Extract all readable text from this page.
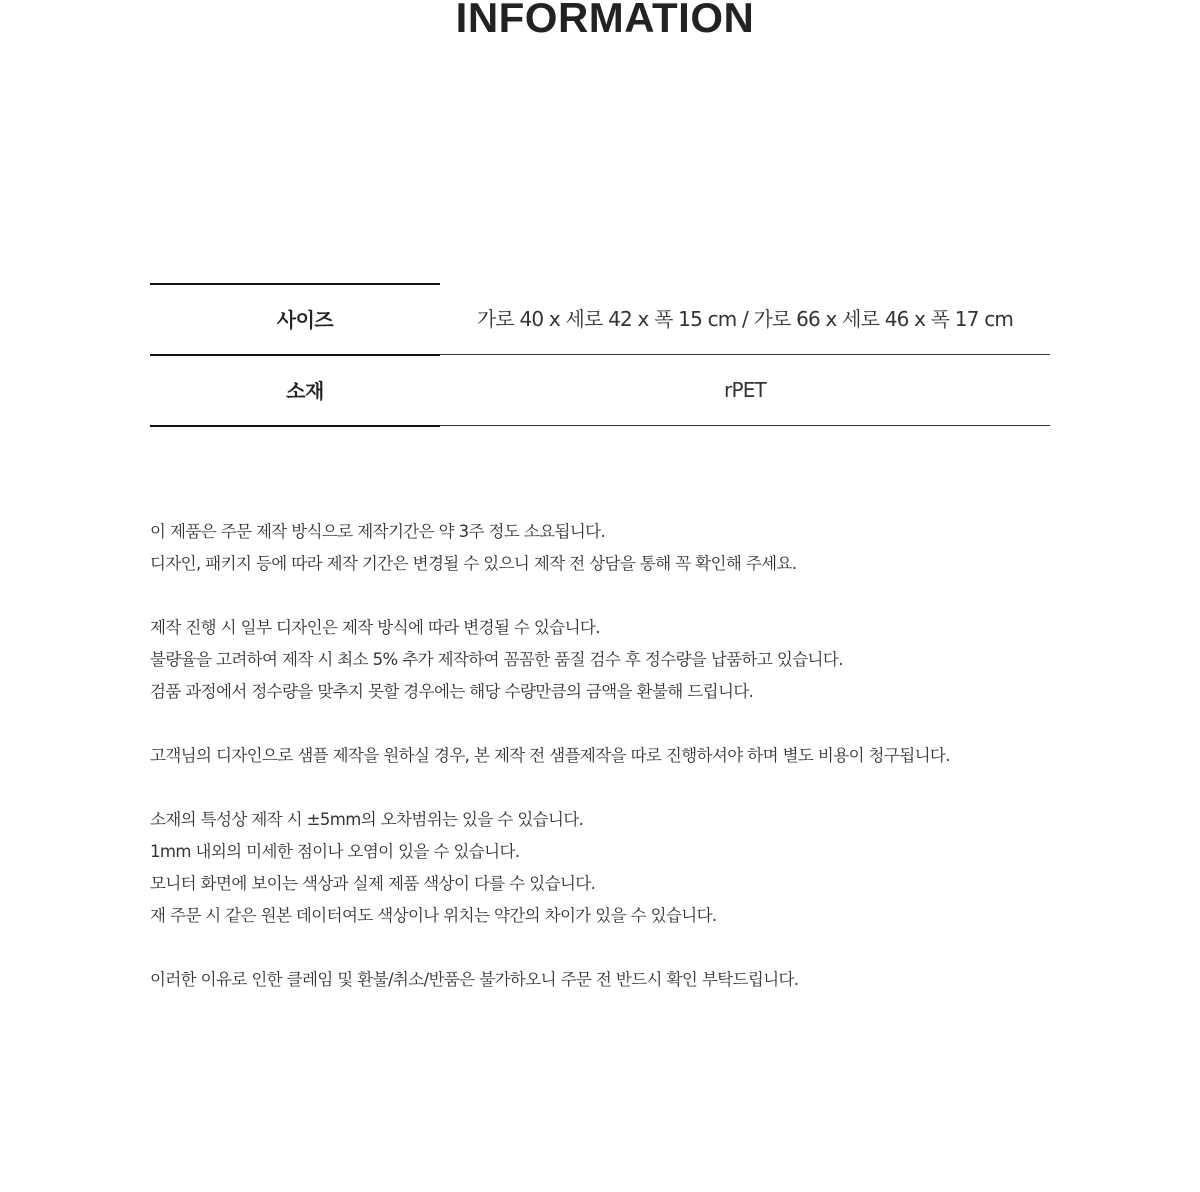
INFORMATION
사이즈	가로 40 x 세로 42 x 폭 15 cm / 가로 66 x 세로 46 x 폭 17 cm
소재	rPET
이 제품은 주문 제작 방식으로 제작기간은 약 3주 정도 소요됩니다.
디자인, 패키지 등에 따라 제작 기간은 변경될 수 있으니 제작 전 상담을 통해 꼭 확인해 주세요.
제작 진행 시 일부 디자인은 제작 방식에 따라 변경될 수 있습니다.
불량율을 고려하여 제작 시 최소 5% 추가 제작하여 꼼꼼한 품질 검수 후 정수량을 납품하고 있습니다.
검품 과정에서 정수량을 맞추지 못할 경우에는 해당 수량만큼의 금액을 환불해 드립니다.
고객님의 디자인으로 샘플 제작을 원하실 경우, 본 제작 전 샘플제작을 따로 진행하셔야 하며 별도 비용이 청구됩니다.
소재의 특성상 제작 시 ±5mm의 오차범위는 있을 수 있습니다.
1mm 내외의 미세한 점이나 오염이 있을 수 있습니다.
모니터 화면에 보이는 색상과 실제 제품 색상이 다를 수 있습니다.
재 주문 시 같은 원본 데이터여도 색상이나 위치는 약간의 차이가 있을 수 있습니다.
이러한 이유로 인한 클레임 및 환불/취소/반품은 불가하오니 주문 전 반드시 확인 부탁드립니다.
